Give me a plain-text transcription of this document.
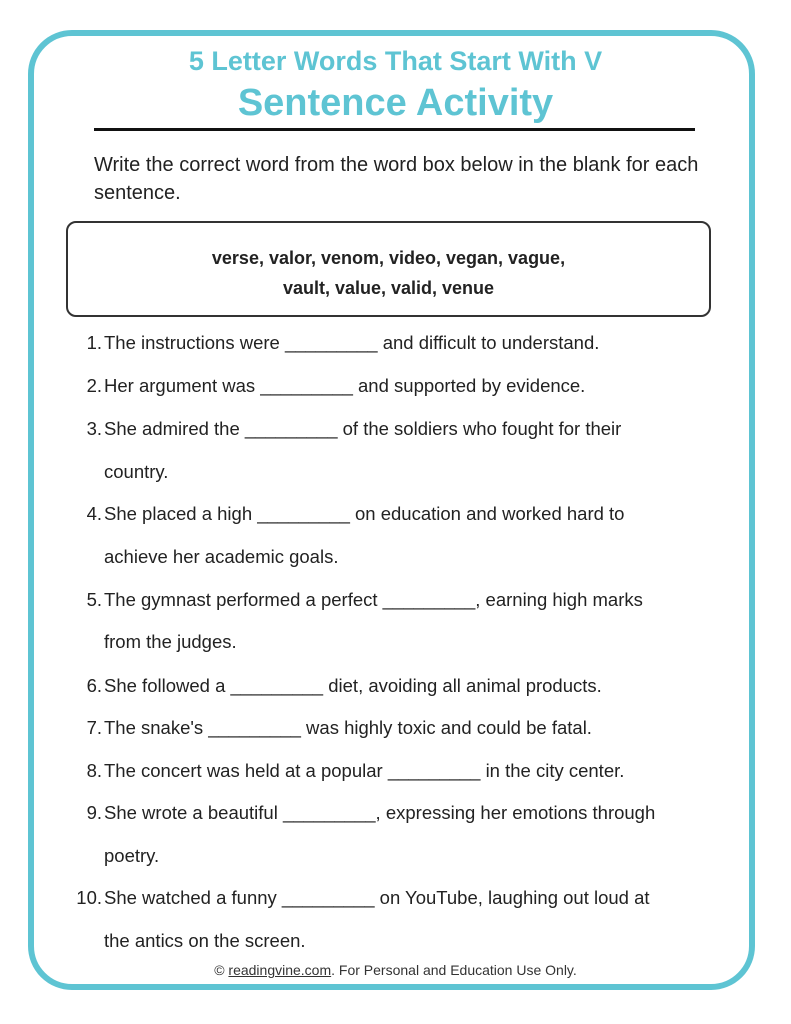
5 Letter Words That Start With V
Sentence Activity
Write the correct word from the word box below in the blank for each sentence.
verse, valor, venom, video, vegan, vague,
vault, value, valid, venue
1. The instructions were _________ and difficult to understand.
2. Her argument was _________ and supported by evidence.
3. She admired the _________ of the soldiers who fought for their
country.
4. She placed a high _________ on education and worked hard to
achieve her academic goals.
5. The gymnast performed a perfect _________, earning high marks
from the judges.
6. She followed a _________ diet, avoiding all animal products.
7. The snake's _________ was highly toxic and could be fatal.
8. The concert was held at a popular _________ in the city center.
9. She wrote a beautiful _________, expressing her emotions through
poetry.
10. She watched a funny _________ on YouTube, laughing out loud at
the antics on the screen.
© readingvine.com. For Personal and Education Use Only.
